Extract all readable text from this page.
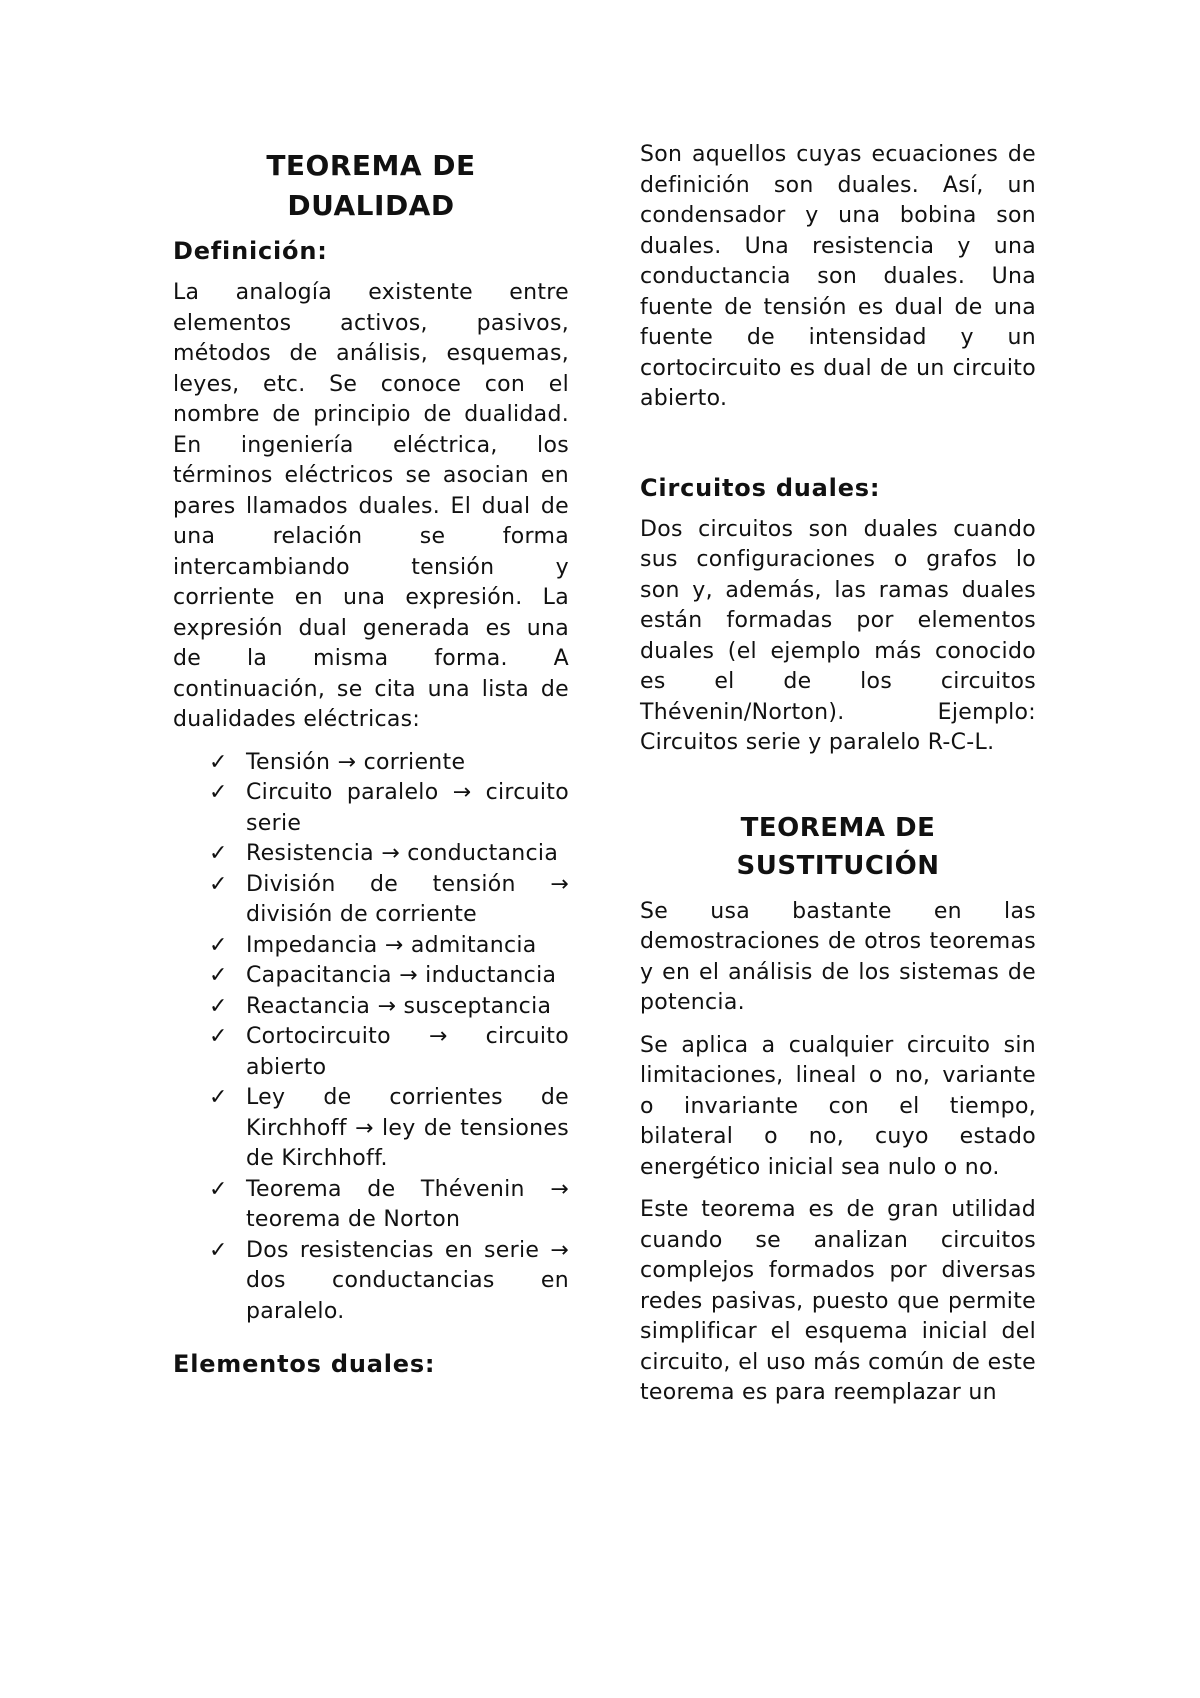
TEOREMA DE DUALIDAD
Definición:

La analogía existente entre elementos activos, pasivos, métodos de análisis, esquemas, leyes, etc. Se conoce con el nombre de principio de dualidad. En ingeniería eléctrica, los términos eléctricos se asocian en pares llamados duales. El dual de una relación se forma intercambiando tensión y corriente en una expresión. La expresión dual generada es una de la misma forma. A continuación, se cita una lista de dualidades eléctricas:

✓ Tensión → corriente
✓ Circuito paralelo → circuito serie
✓ Resistencia → conductancia
✓ División de tensión → división de corriente
✓ Impedancia → admitancia
✓ Capacitancia → inductancia
✓ Reactancia → susceptancia
✓ Cortocircuito → circuito abierto
✓ Ley de corrientes de Kirchhoff → ley de tensiones de Kirchhoff.
✓ Teorema de Thévenin → teorema de Norton
✓ Dos resistencias en serie → dos conductancias en paralelo.
Elementos duales:

Son aquellos cuyas ecuaciones de definición son duales. Así, un condensador y una bobina son duales. Una resistencia y una conductancia son duales. Una fuente de tensión es dual de una fuente de intensidad y un cortocircuito es dual de un circuito abierto.

Circuitos duales:

Dos circuitos son duales cuando sus configuraciones o grafos lo son y, además, las ramas duales están formadas por elementos duales (el ejemplo más conocido es el de los circuitos Thévenin/Norton). Ejemplo: Circuitos serie y paralelo R-C-L.

TEOREMA DE SUSTITUCIÓN

Se usa bastante en las demostraciones de otros teoremas y en el análisis de los sistemas de potencia.

Se aplica a cualquier circuito sin limitaciones, lineal o no, variante o invariante con el tiempo, bilateral o no, cuyo estado energético inicial sea nulo o no.

Este teorema es de gran utilidad cuando se analizan circuitos complejos formados por diversas redes pasivas, puesto que permite simplificar el esquema inicial del circuito, el uso más común de este teorema es para reemplazar un
